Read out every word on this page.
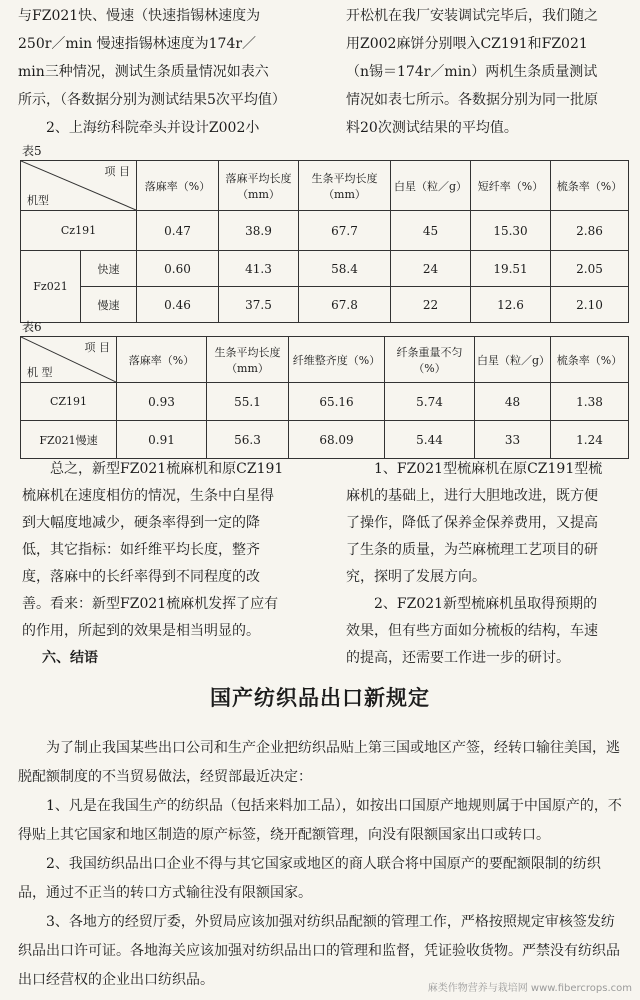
与FZ021快、慢速（快速指锡林速度为

250r／min 慢速指锡林速度为174r／

min三种情况，测试生条质量情况如表六

所示，（各数据分别为测试结果5次平均值）

2、上海纺科院牵头并设计Z002小

开松机在我厂安装调试完毕后，我们随之

用Z002麻饼分别喂入CZ191和FZ021

（n锡＝174r／min）两机生条质量测试

情况如表七所示。各数据分别为同一批原

料20次测试结果的平均值。

表5
项 目
机型		落麻率（%）	落麻平均长度（mm）	生条平均长度（mm）	白星（粒／g）	短纤率（%）	梳条率（%）
Cz191		0.47	38.9	67.7	45	15.30	2.86
Fz021	快速	0.60	41.3	58.4	24	19.51	2.05
	慢速	0.46	37.5	67.8	22	12.6	2.10
表6
项 目
机 型	落麻率（%）	生条平均长度（mm）	纤维整齐度（%）	纤条重量不匀（%）	白星（粒／g）	梳条率（%）
CZ191	0.93	55.1	65.16	5.74	48	1.38
FZ021慢速	0.91	56.3	68.09	5.44	33	1.24

总之，新型FZ021梳麻机和原CZ191

梳麻机在速度相仿的情况，生条中白星得

到大幅度地减少，硬条率得到一定的降

低，其它指标：如纤维平均长度，整齐

度，落麻中的长纤率得到不同程度的改

善。看来：新型FZ021梳麻机发挥了应有

的作用，所起到的效果是相当明显的。

六、结语

1、FZ021型梳麻机在原CZ191型梳

麻机的基础上，进行大胆地改进，既方便

了操作，降低了保养金保养费用，又提高

了生条的质量，为苎麻梳理工艺项目的研

究，探明了发展方向。

2、FZ021新型梳麻机虽取得预期的

效果，但有些方面如分梳板的结构，车速

的提高，还需要工作进一步的研讨。

国产纺织品出口新规定

为了制止我国某些出口公司和生产企业把纺织品贴上第三国或地区产签，经转口输往美国，逃脱配额制度的不当贸易做法，经贸部最近决定：

1、凡是在我国生产的纺织品（包括来料加工品），如按出口国原产地规则属于中国原产的，不得贴上其它国家和地区制造的原产标签，绕开配额管理，向没有限额国家出口或转口。

2、我国纺织品出口企业不得与其它国家或地区的商人联合将中国原产的要配额限制的纺织品，通过不正当的转口方式输往没有限额国家。

3、各地方的经贸厅委，外贸局应该加强对纺织品配额的管理工作，严格按照规定审核签发纺织品出口许可证。各地海关应该加强对纺织品出口的管理和监督，凭证验收货物。严禁没有纺织品出口经营权的企业出口纺织品。

麻类作物营养与栽培网 www.fibercrops.com
